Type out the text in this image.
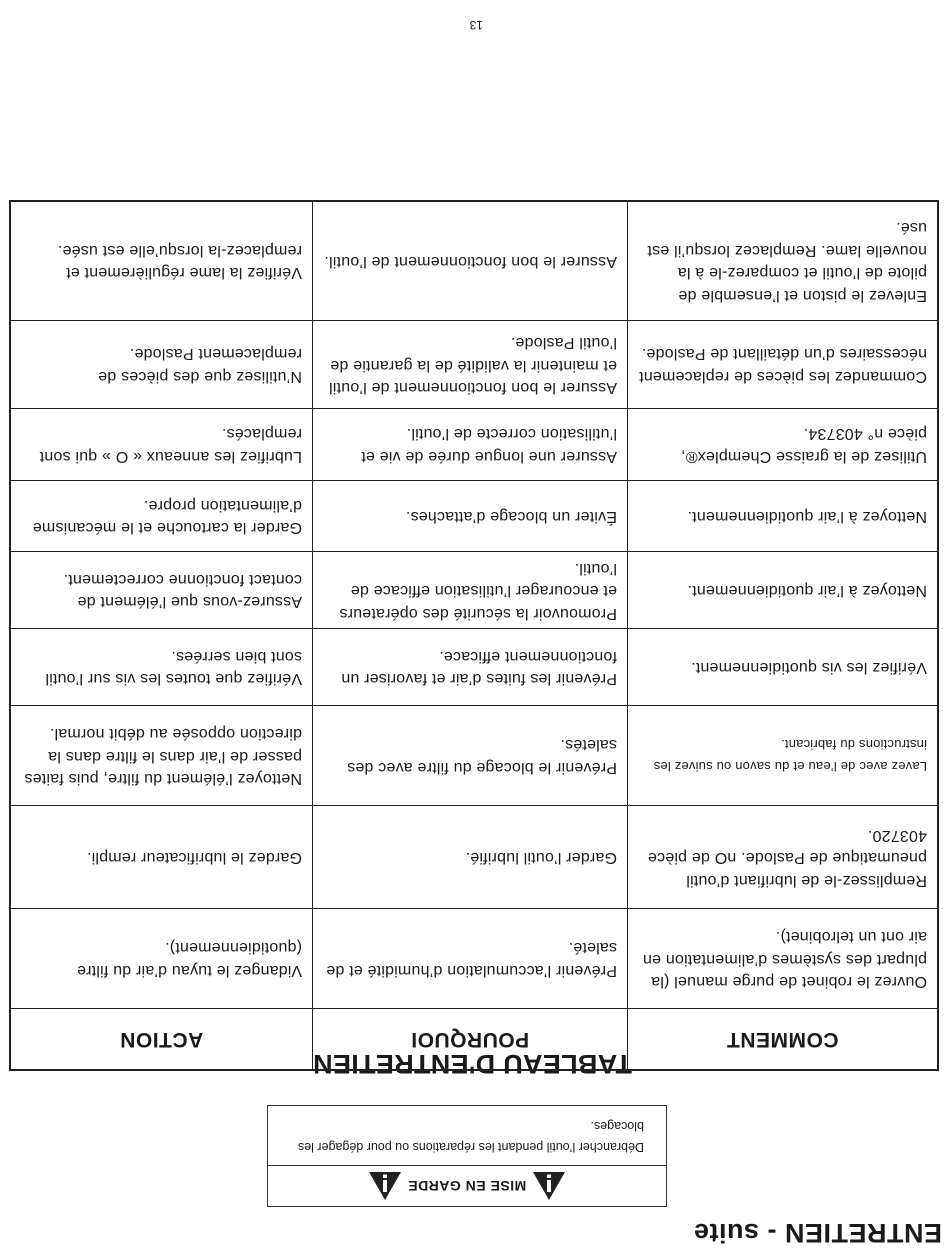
ENTRETIEN - suite
MISE EN GARDE
Débrancher l’outil pendant les réparations ou pour dégager les blocages.
TABLEAU D'ENTRETIEN
COMMENT
POURQUOI
ACTION
Ouvrez le robinet de purge manuel (la plupart des systèmes d’alimentation en air ont un telrobinet).
Prévenir l’accumulation d’humidité et de saleté.
Vidangez le tuyau d’air du filtre (quotidiennement).
Remplissez-le de lubrifiant d’outil pneumatique de Paslode. nO de pièce 403720.
Garder l’outil lubrifié.
Gardez le lubrificateur rempli.
Lavez avec de l’eau et du savon ou suivez les instructions du fabricant.
Prévenir le blocage du filtre avec des saletés.
Nettoyez l’élément du filtre, puis faites passer de l’air dans le filtre dans la direction opposée au débit normal.
Vérifiez les vis quotidiennement.
Prévenir les fuites d’air et favoriser un fonctionnement efficace.
Vérifiez que toutes les vis sur l’outil sont bien serrées.
Nettoyez à l’air quotidiennement.
Promouvoir la sécurité des opérateurs et encourager l’utilisation efficace de l’outil.
Assurez-vous que l’élément de contact fonctionne correctement.
Nettoyez à l’air quotidiennement.
Éviter un blocage d’attaches.
Garder la cartouche et le mécanisme d’alimentation propre.
Utilisez de la graisse Chemplex®, pièce n° 403734.
Assurer une longue durée de vie et l’utilisation correcte de l’outil.
Lubrifiez les anneaux « O » qui sont remplacés.
Commandez les pièces de replacement nécessaires d’un détaillant de Paslode.
Assurer le bon fonctionnement de l’outil et maintenir la validité de la garantie de l’outil Paslode.
N’utilisez que des pièces de remplacement Paslode.
Enlevez le piston et l’ensemble de pilote de l’outil et comparez-le à la nouvelle lame. Remplacez lorsqu’il est usé.
Assurer le bon fonctionnement de l’outil.
Vérifiez la lame régulièrement et remplacez-la lorsqu’elle est usée.
13
